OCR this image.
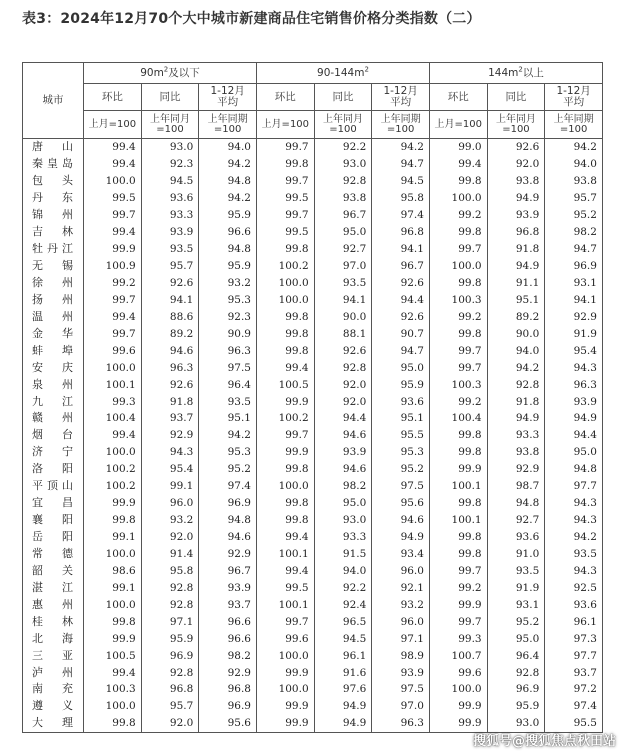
表3：2024年12月70个大中城市新建商品住宅销售价格分类指数（二）
城市	$90m^2$及以下			$90-144m^2$			$144m^2$以上		
	环比	同比	1-12月平均	环比	同比	1-12月平均	环比	同比	1-12月平均
	上月=100	上年同月=100	上年同期=100	上月=100	上年同月=100	上年同期=100	上月=100	上年同月=100	上年同期=100
唐山	99.4	93.0	94.0	99.7	92.2	94.2	99.0	92.6	94.2
秦皇岛	99.4	92.3	94.2	99.8	93.0	94.7	99.4	92.0	94.0
包头	100.0	94.5	94.8	99.7	92.8	94.5	99.8	93.8	93.8
丹东	99.5	93.6	94.2	99.5	93.8	95.8	100.0	94.9	95.7
锦州	99.7	93.3	95.9	99.7	96.7	97.4	99.2	93.9	95.2
吉林	99.4	93.9	96.6	99.5	95.0	96.8	99.8	96.8	98.2
牡丹江	99.9	93.5	94.8	99.8	92.7	94.1	99.7	91.8	94.7
无锡	100.9	95.7	95.9	100.2	97.0	96.7	100.0	94.9	96.9
徐州	99.2	92.6	93.2	100.0	93.5	92.6	99.8	91.1	93.1
扬州	99.7	94.1	95.3	100.0	94.1	94.4	100.3	95.1	94.1
温州	99.4	88.6	92.3	99.8	90.0	92.6	99.2	89.2	92.9
金华	99.7	89.2	90.9	99.8	88.1	90.7	99.8	90.0	91.9
蚌埠	99.6	94.6	96.3	99.8	92.6	94.7	99.7	94.0	95.4
安庆	100.0	96.3	97.5	99.4	92.8	95.0	99.7	94.2	94.3
泉州	100.1	92.6	96.4	100.5	92.0	95.9	100.3	92.8	96.3
九江	99.3	91.8	93.5	99.9	92.0	93.6	99.2	91.8	93.9
赣州	100.4	93.7	95.1	100.2	94.4	95.1	100.4	94.9	94.9
烟台	99.4	92.9	94.2	99.7	94.6	95.5	99.8	93.3	94.4
济宁	100.0	94.3	95.3	99.9	93.9	95.3	99.8	93.8	95.0
洛阳	100.2	95.4	95.2	99.8	94.6	95.2	99.9	92.9	94.8
平顶山	100.2	99.1	97.4	100.0	98.2	97.5	100.1	98.7	97.7
宜昌	99.9	96.0	96.9	99.8	95.0	95.6	99.8	94.8	94.3
襄阳	99.8	93.2	94.8	99.8	93.0	94.6	100.1	92.7	94.3
岳阳	99.1	92.0	94.6	99.4	93.3	94.9	99.8	93.6	94.2
常德	100.0	91.4	92.9	100.1	91.5	93.4	99.8	91.0	93.5
韶关	98.6	95.8	96.7	99.4	94.0	96.0	99.7	93.5	94.3
湛江	99.1	92.8	93.9	99.5	92.2	92.1	99.2	91.9	92.5
惠州	100.0	92.8	93.7	100.1	92.4	93.2	99.9	93.1	93.6
桂林	99.8	97.1	96.6	99.7	96.5	96.0	99.7	95.2	96.1
北海	99.9	95.9	96.6	99.6	94.5	97.1	99.3	95.0	97.3
三亚	100.5	96.9	98.2	100.0	96.1	98.9	100.7	96.4	97.7
泸州	99.4	92.8	92.9	99.9	91.6	93.9	99.6	92.8	93.7
南充	100.3	96.8	96.8	100.0	97.6	97.5	100.0	96.9	97.2
遵义	100.0	95.7	96.9	99.9	94.9	97.0	99.9	95.9	97.4
大理	99.8	92.0	95.6	99.9	94.9	96.3	99.9	93.0	95.5
搜狐号@搜狐焦点秋田站
